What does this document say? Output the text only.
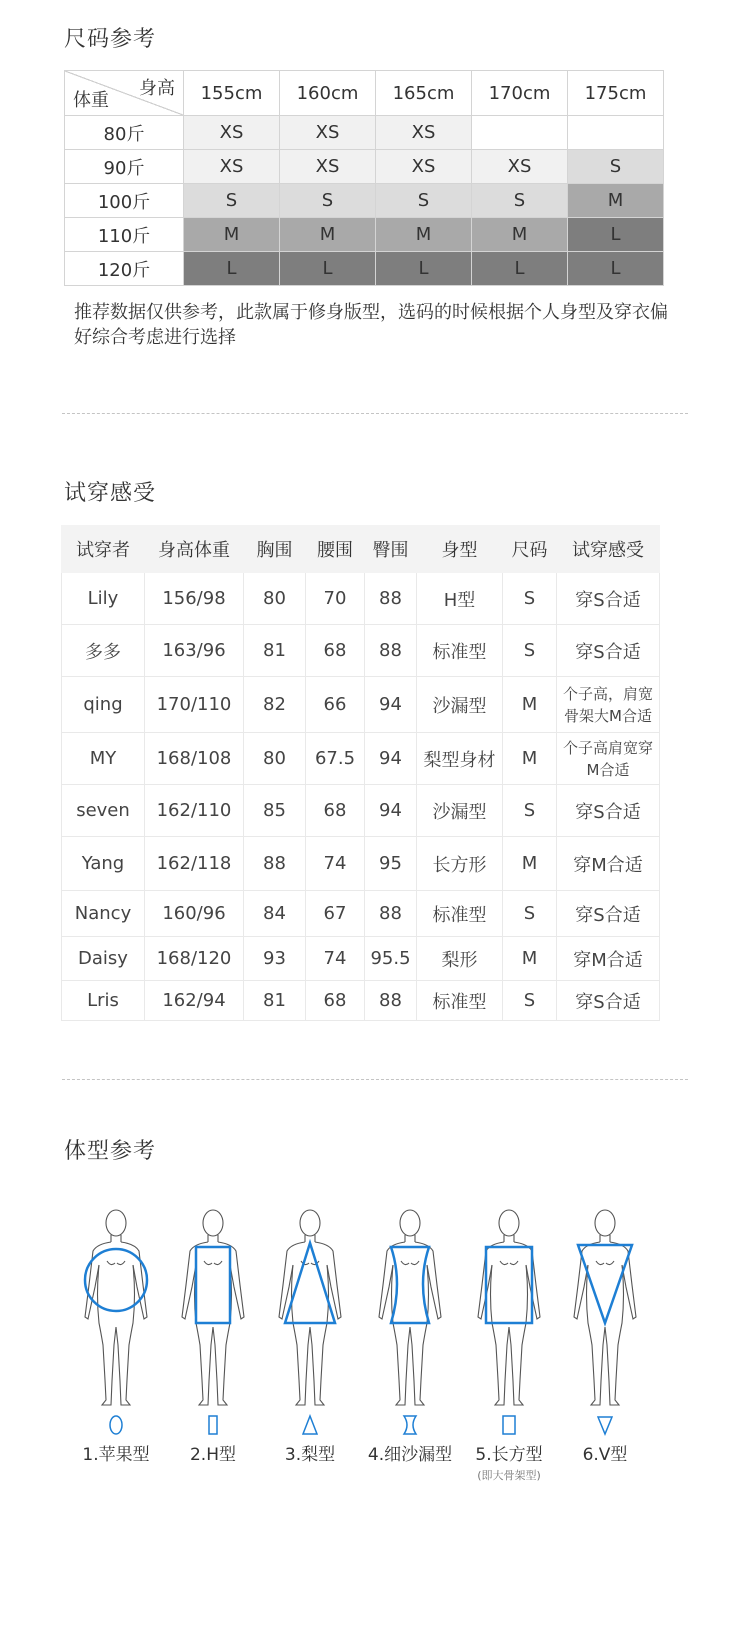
尺码参考
身高
体重	155cm	160cm	165cm	170cm	175cm
80斤	XS	XS	XS		
90斤	XS	XS	XS	XS	S
100斤	S	S	S	S	M
110斤	M	M	M	M	L
120斤	L	L	L	L	L
推荐数据仅供参考，此款属于修身版型，选码的时候根据个人身型及穿衣偏好综合考虑进行选择
试穿感受
试穿者	身高体重	胸围	腰围	臀围	身型	尺码	试穿感受
Lily	156/98	80	70	88	H型	S	穿S合适
多多	163/96	81	68	88	标准型	S	穿S合适
qing	170/110	82	66	94	沙漏型	M	个子高，肩宽骨架大M合适
MY	168/108	80	67.5	94	梨型身材	M	个子高肩宽穿M合适
seven	162/110	85	68	94	沙漏型	S	穿S合适
Yang	162/118	88	74	95	长方形	M	穿M合适
Nancy	160/96	84	67	88	标准型	S	穿S合适
Daisy	168/120	93	74	95.5	梨形	M	穿M合适
Lris	162/94	81	68	88	标准型	S	穿S合适
体型参考
1.苹果型	2.H型	3.梨型	4.细沙漏型	5.长方型
(即大骨架型)
6.V型
